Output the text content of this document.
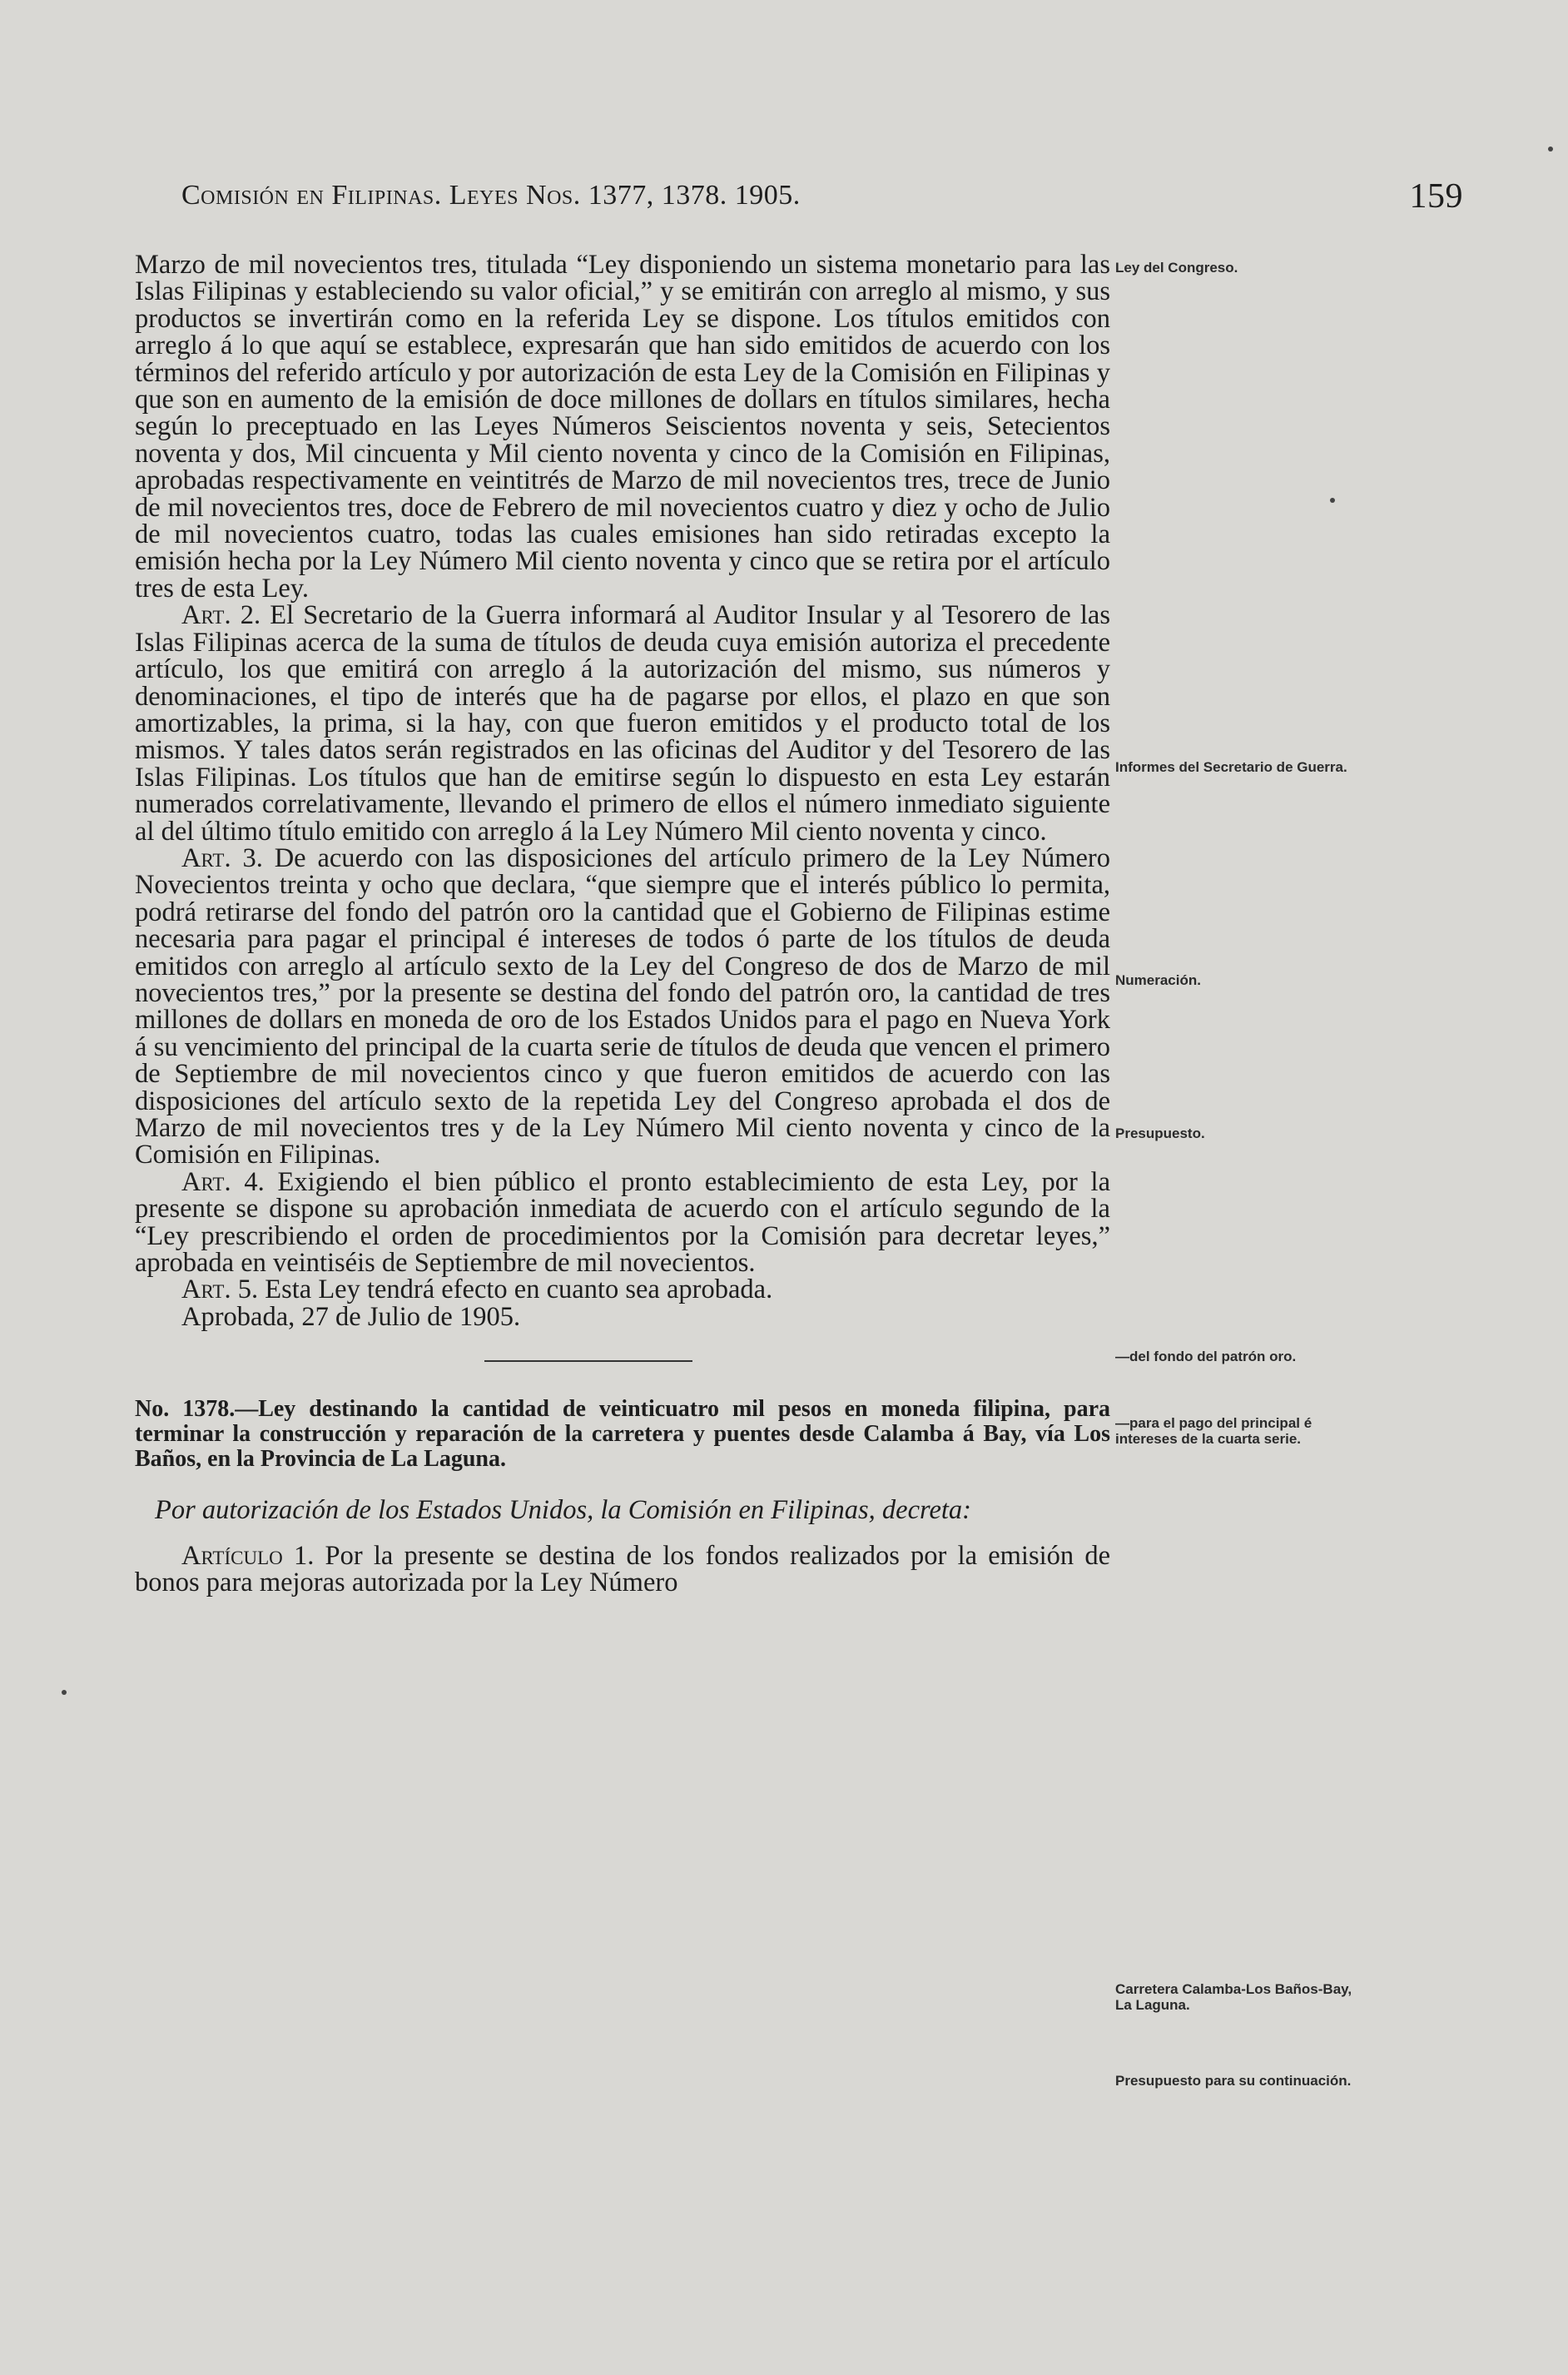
Comisión en Filipinas. Leyes Nos. 1377, 1378. 1905.	159

Marzo de mil novecientos tres, titulada “Ley disponiendo un sistema monetario para las Islas Filipinas y estableciendo su valor oficial,” y se emitirán con arreglo al mismo, y sus productos se invertirán como en la referida Ley se dispone. Los títulos emitidos con arreglo á lo que aquí se establece, expresarán que han sido emitidos de acuerdo con los términos del referido artículo y por autorización de esta Ley de la Comisión en Filipinas y que son en aumento de la emisión de doce millones de dollars en títulos similares, hecha según lo preceptuado en las Leyes Números Seiscientos noventa y seis, Setecientos noventa y dos, Mil cincuenta y Mil ciento noventa y cinco de la Comisión en Filipinas, aprobadas respectivamente en veintitrés de Marzo de mil novecientos tres, trece de Junio de mil novecientos tres, doce de Febrero de mil novecientos cuatro y diez y ocho de Julio de mil novecientos cuatro, todas las cuales emisiones han sido retiradas excepto la emisión hecha por la Ley Número Mil ciento noventa y cinco que se retira por el artículo tres de esta Ley.

Art. 2. El Secretario de la Guerra informará al Auditor Insular y al Tesorero de las Islas Filipinas acerca de la suma de títulos de deuda cuya emisión autoriza el precedente artículo, los que emitirá con arreglo á la autorización del mismo, sus números y denominaciones, el tipo de interés que ha de pagarse por ellos, el plazo en que son amortizables, la prima, si la hay, con que fueron emitidos y el producto total de los mismos. Y tales datos serán registrados en las oficinas del Auditor y del Tesorero de las Islas Filipinas. Los títulos que han de emitirse según lo dispuesto en esta Ley estarán numerados correlativamente, llevando el primero de ellos el número inmediato siguiente al del último título emitido con arreglo á la Ley Número Mil ciento noventa y cinco.

Art. 3. De acuerdo con las disposiciones del artículo primero de la Ley Número Novecientos treinta y ocho que declara, “que siempre que el interés público lo permita, podrá retirarse del fondo del patrón oro la cantidad que el Gobierno de Filipinas estime necesaria para pagar el principal é intereses de todos ó parte de los títulos de deuda emitidos con arreglo al artículo sexto de la Ley del Congreso de dos de Marzo de mil novecientos tres,” por la presente se destina del fondo del patrón oro, la cantidad de tres millones de dollars en moneda de oro de los Estados Unidos para el pago en Nueva York á su vencimiento del principal de la cuarta serie de títulos de deuda que vencen el primero de Septiembre de mil novecientos cinco y que fueron emitidos de acuerdo con las disposiciones del artículo sexto de la repetida Ley del Congreso aprobada el dos de Marzo de mil novecientos tres y de la Ley Número Mil ciento noventa y cinco de la Comisión en Filipinas.

Art. 4. Exigiendo el bien público el pronto establecimiento de esta Ley, por la presente se dispone su aprobación inmediata de acuerdo con el artículo segundo de la “Ley prescribiendo el orden de procedimientos por la Comisión para decretar leyes,” aprobada en veintiséis de Septiembre de mil novecientos.

Art. 5. Esta Ley tendrá efecto en cuanto sea aprobada.

Aprobada, 27 de Julio de 1905.

No. 1378.—Ley destinando la cantidad de veinticuatro mil pesos en moneda filipina, para terminar la construcción y reparación de la carretera y puentes desde Calamba á Bay, vía Los Baños, en la Provincia de La Laguna.

Por autorización de los Estados Unidos, la Comisión en Filipinas, decreta:

Artículo 1. Por la presente se destina de los fondos realizados por la emisión de bonos para mejoras autorizada por la Ley Número

Ley del Congreso.
Informes del Secretario de Guerra.
Numeración.
Presupuesto.
—del fondo del patrón oro.
—para el pago del principal é intereses de la cuarta serie.
Carretera Calamba-Los Baños-Bay, La Laguna.
Presupuesto para su continuación.
